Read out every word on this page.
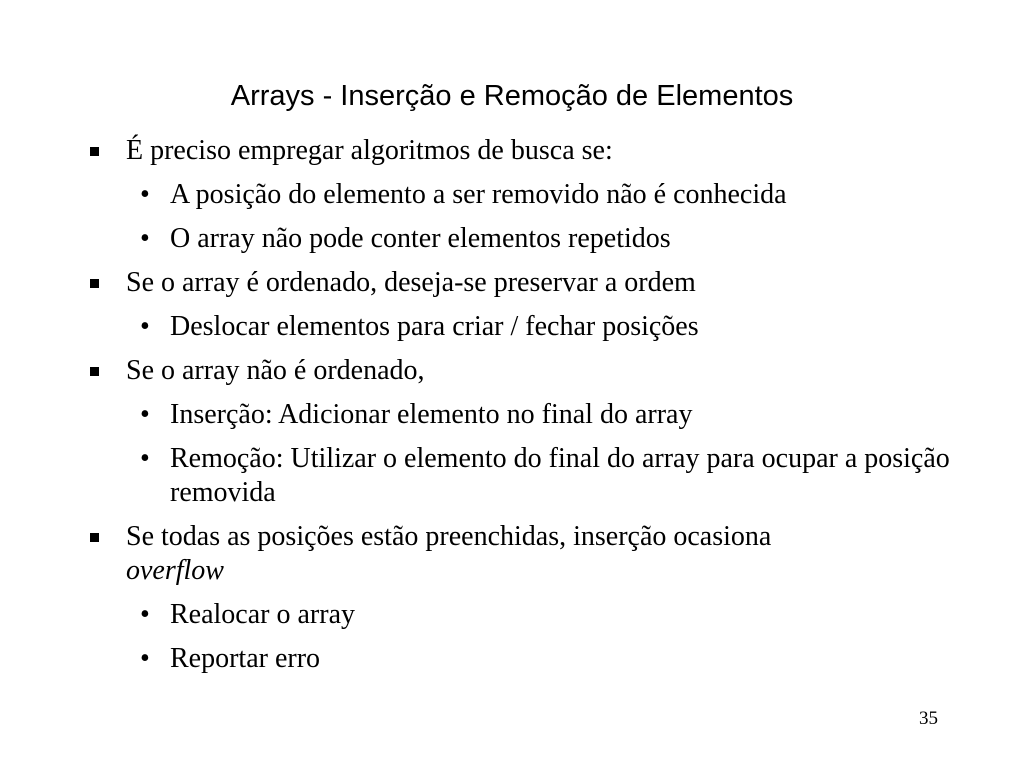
Arrays - Inserção e Remoção de Elementos
É preciso empregar algoritmos de busca se:
• A posição do elemento a ser removido não é conhecida
• O array não pode conter elementos repetidos
Se o array é ordenado, deseja-se preservar a ordem
• Deslocar elementos para criar / fechar posições
Se o array não é ordenado,
• Inserção: Adicionar elemento no final do array
• Remoção: Utilizar o elemento do final do array para ocupar a posição removida
Se todas as posições estão preenchidas, inserção ocasiona
overflow
• Realocar o array
• Reportar erro
35
